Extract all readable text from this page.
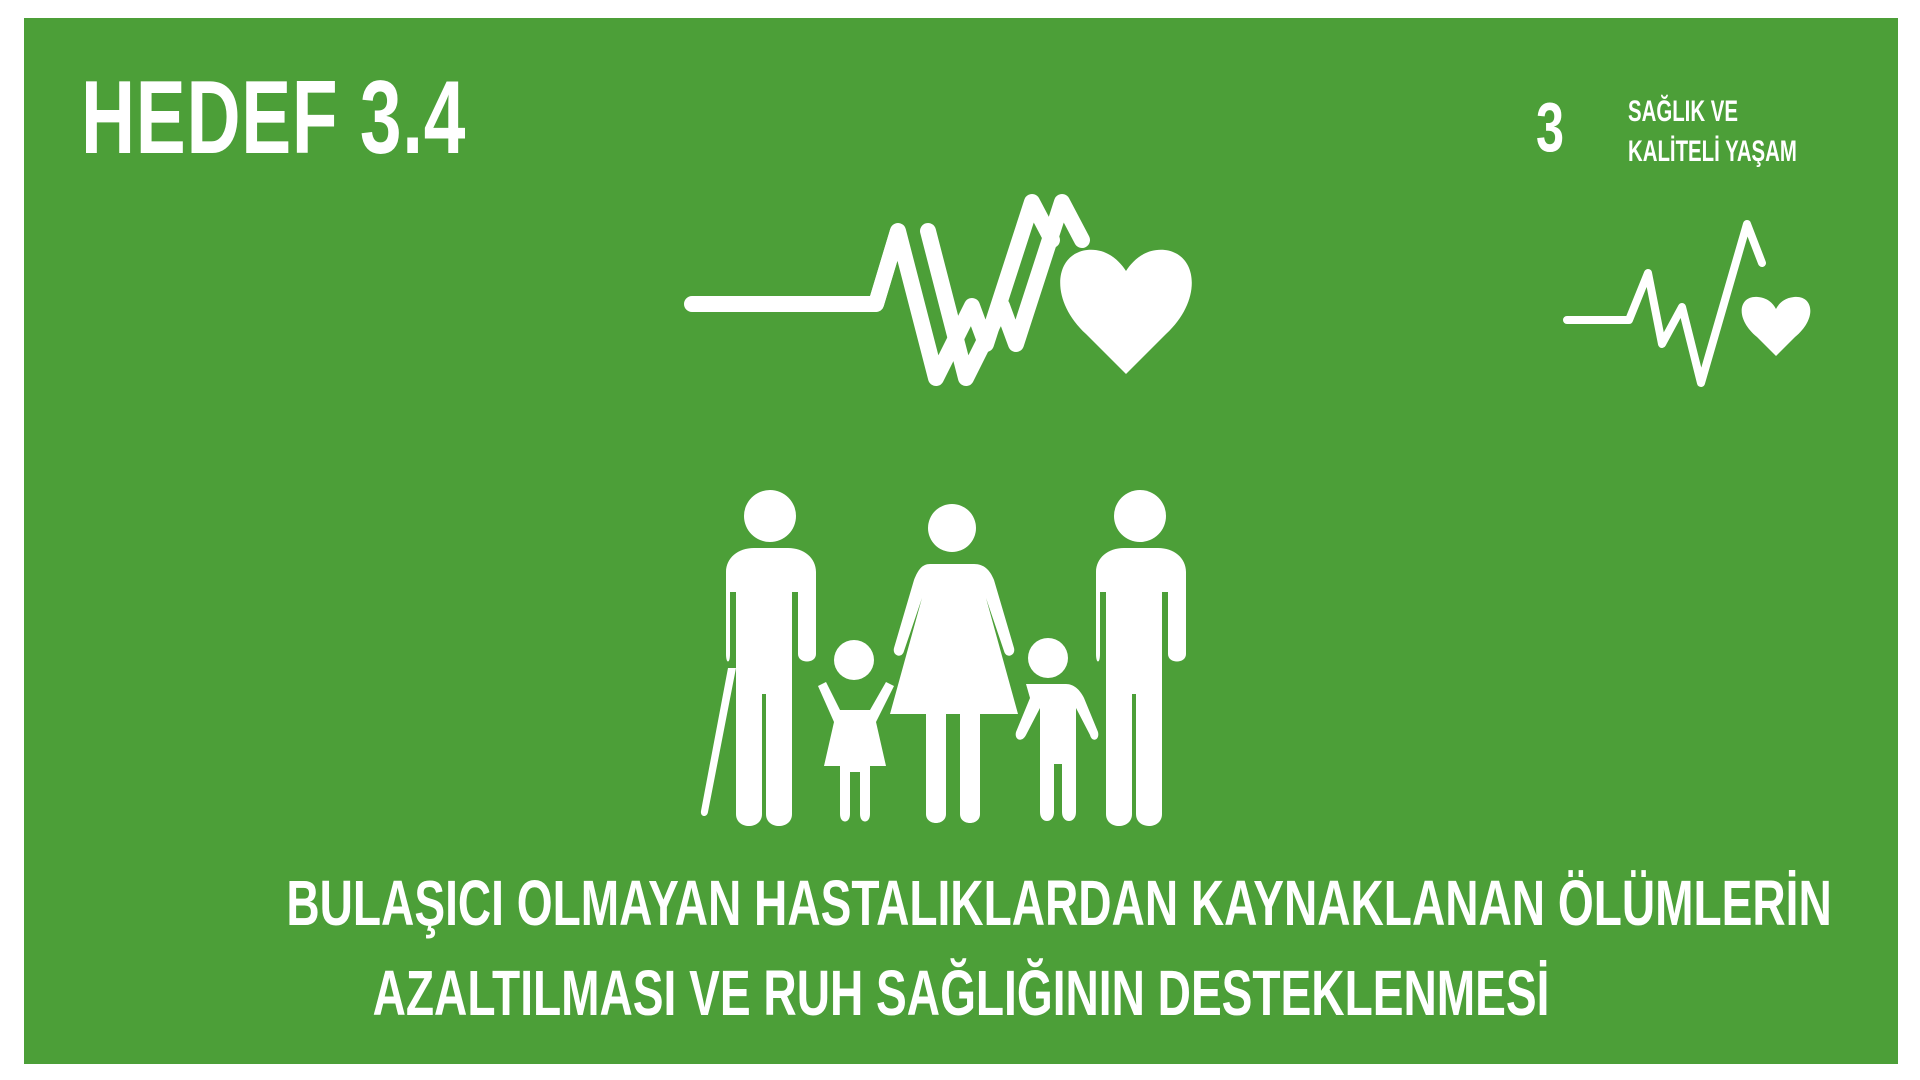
HEDEF 3.4	3 SAĞLIK VE
KALİTELİ YAŞAM
BULAŞICI OLMAYAN HASTALIKLARDAN KAYNAKLANAN ÖLÜMLERİN
AZALTILMASI VE RUH SAĞLIĞININ DESTEKLENMESİ
